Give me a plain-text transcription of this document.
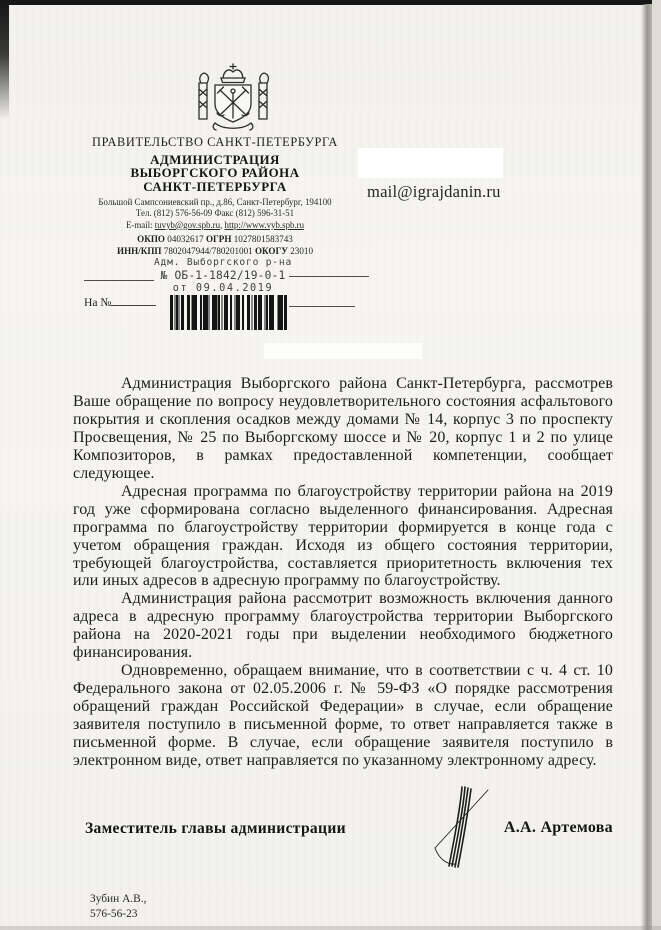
ПРАВИТЕЛЬСТВО САНКТ-ПЕТЕРБУРГА
АДМИНИСТРАЦИЯ
ВЫБОРГСКОГО РАЙОНА
САНКТ-ПЕТЕРБУРГА
Большой Сампсониевский пр., д.86, Санкт-Петербург, 194100
Тел. (812) 576-56-09 Факс (812) 596-31-51
E-mail: tuvyb@gov.spb.ru, http://www.vyb.spb.ru
ОКПО 04032617 ОГРН 1027801583743
ИНН/КПП 7802047944/780201001 ОКОГУ 23010
mail@igrajdanin.ru
Адм. Выборгского р-на
№ ОБ-1-1842/19-0-1
от 09.04.2019
На №

Администрация Выборгского района Санкт-Петербурга, рассмотрев Ваше обращение по вопросу неудовлетворительного состояния асфальтового покрытия и скопления осадков между домами № 14, корпус 3 по проспекту Просвещения, № 25 по Выборгскому шоссе и № 20, корпус 1 и 2 по улице Композиторов, в рамках предоставленной компетенции, сообщает следующее.

Адресная программа по благоустройству территории района на 2019 год уже сформирована согласно выделенного финансирования. Адресная программа по благоустройству территории формируется в конце года с учетом обращения граждан. Исходя из общего состояния территории, требующей благоустройства, составляется приоритетность включения тех или иных адресов в адресную программу по благоустройству.

Администрация района рассмотрит возможность включения данного адреса в адресную программу благоустройства территории Выборгского района на 2020-2021 годы при выделении необходимого бюджетного финансирования.

Одновременно, обращаем внимание, что в соответствии с ч. 4 ст. 10 Федерального закона от 02.05.2006 г. № 59-ФЗ «О порядке рассмотрения обращений граждан Российской Федерации» в случае, если обращение заявителя поступило в письменной форме, то ответ направляется также в письменной форме. В случае, если обращение заявителя поступило в электронном виде, ответ направляется по указанному электронному адресу.

Заместитель главы администрации	А.А. Артемова
Зубин А.В.,
576-56-23
